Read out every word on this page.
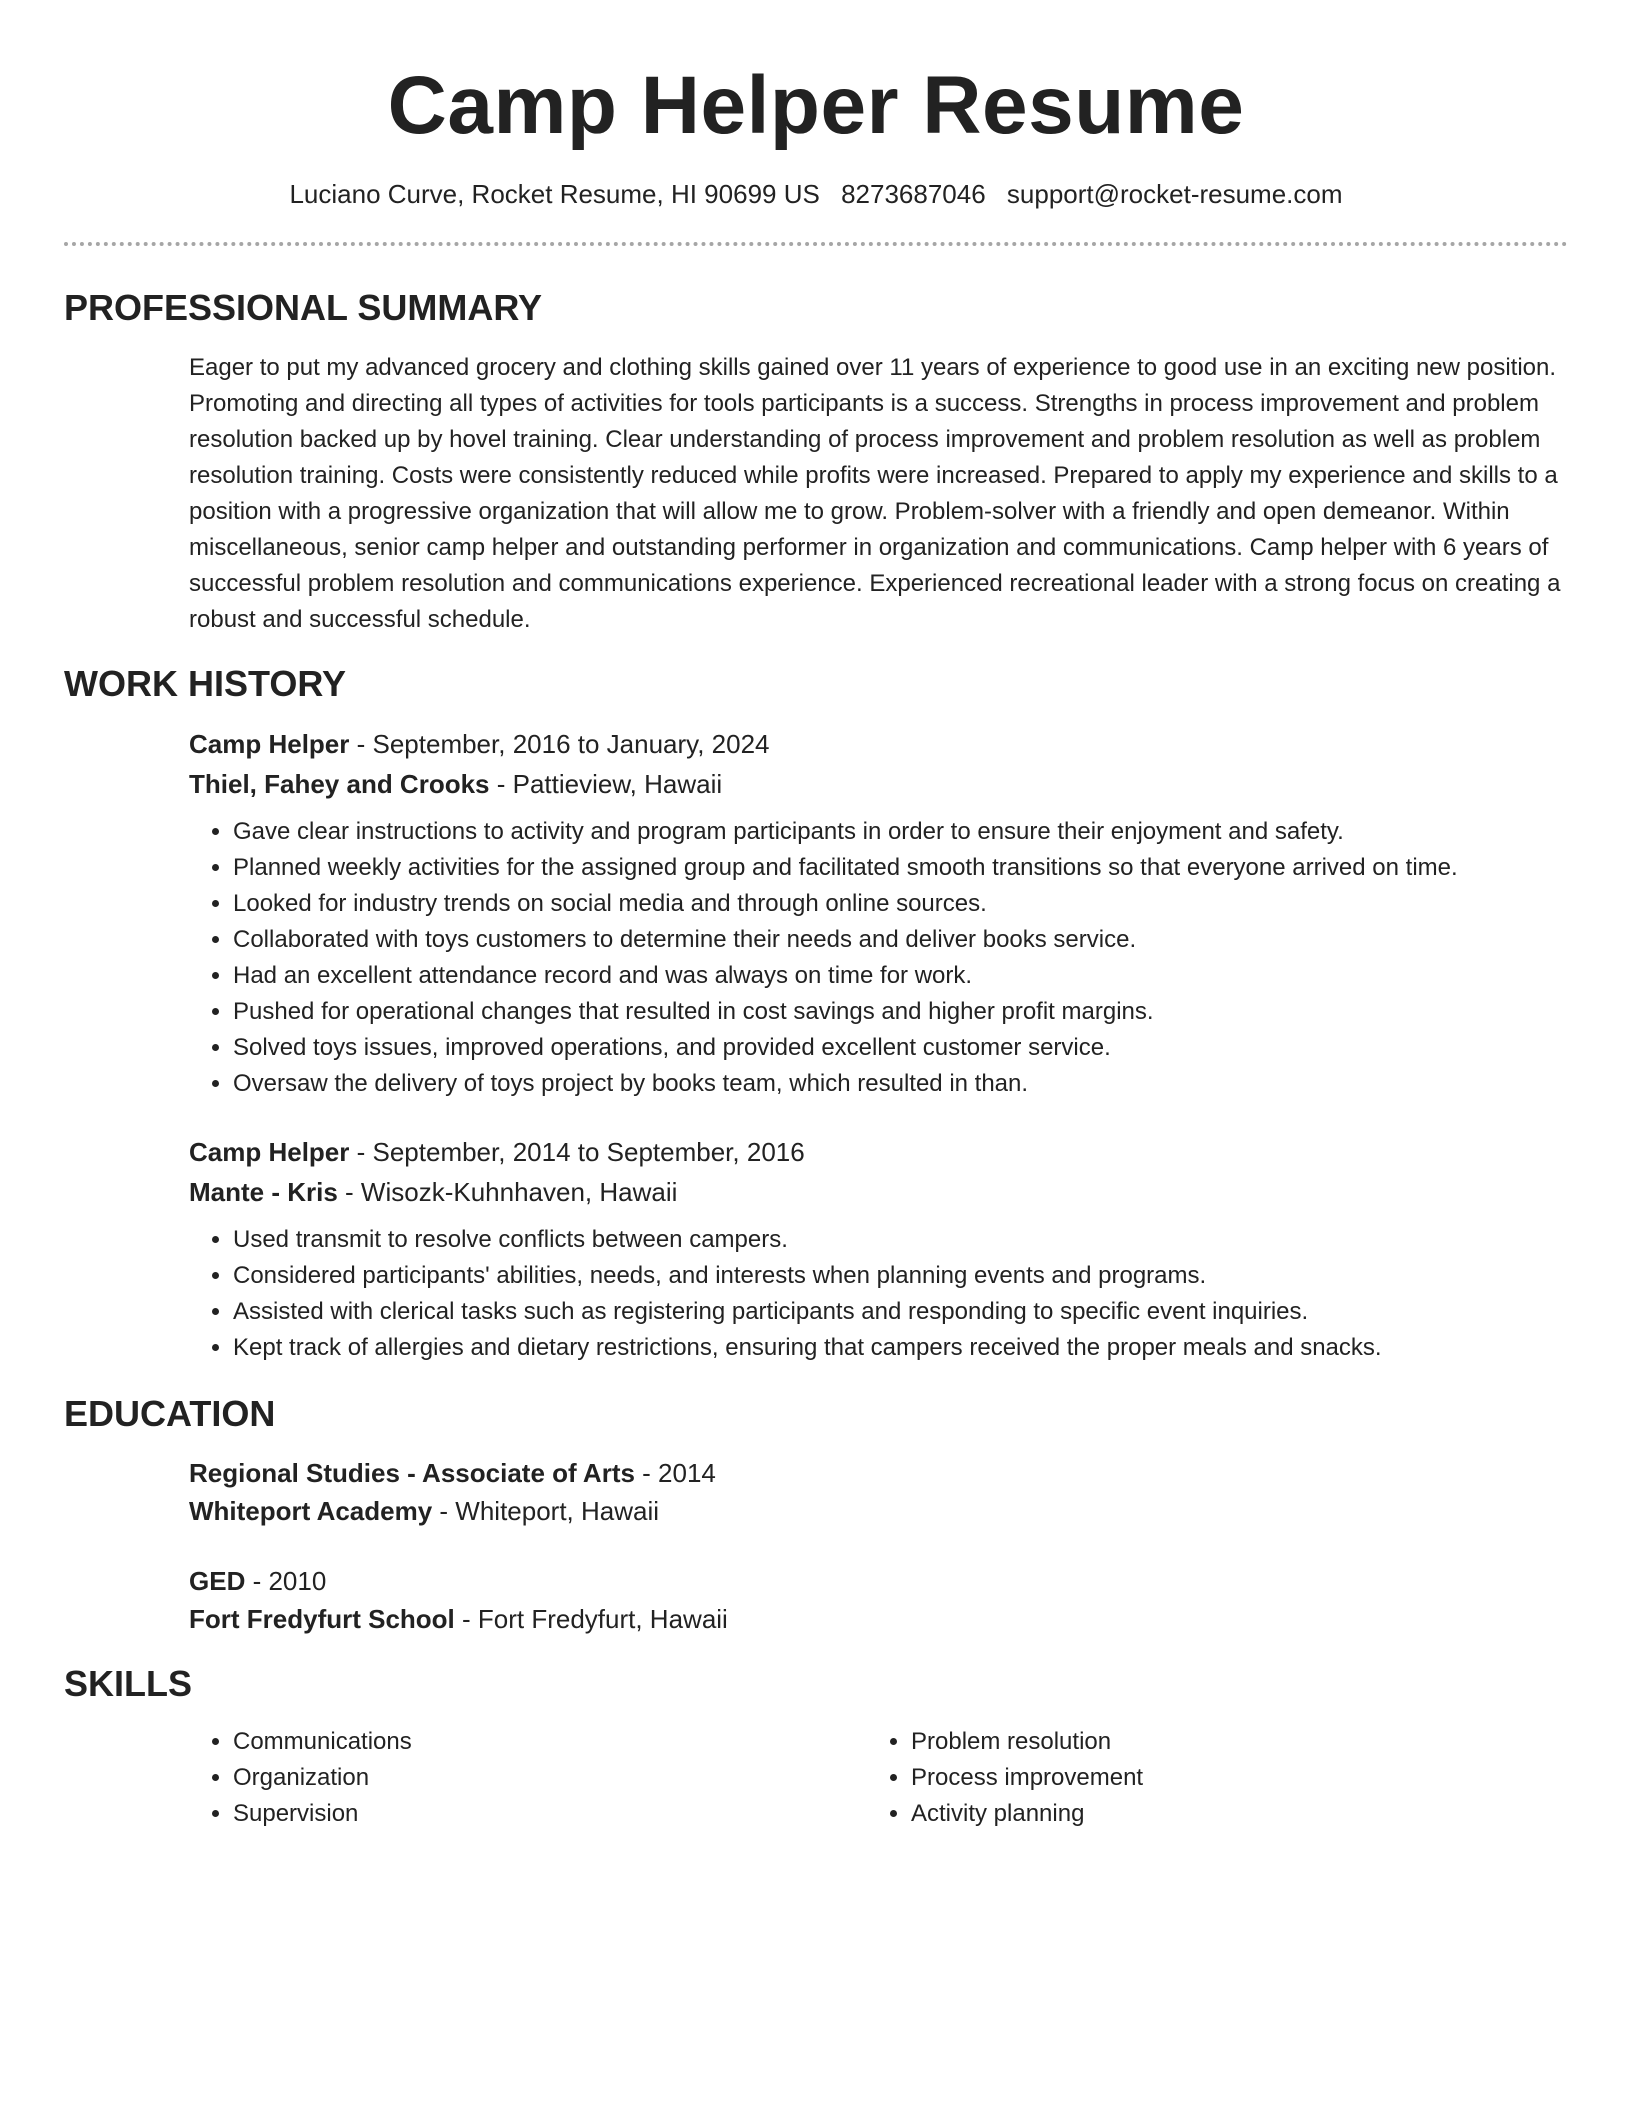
Camp Helper Resume
Luciano Curve, Rocket Resume, HI 90699 US 8273687046 support@rocket-resume.com
PROFESSIONAL SUMMARY

Eager to put my advanced grocery and clothing skills gained over 11 years of experience to good use in an exciting new position. Promoting and directing all types of activities for tools participants is a success. Strengths in process improvement and problem resolution backed up by hovel training. Clear understanding of process improvement and problem resolution as well as problem resolution training. Costs were consistently reduced while profits were increased. Prepared to apply my experience and skills to a position with a progressive organization that will allow me to grow. Problem-solver with a friendly and open demeanor. Within miscellaneous, senior camp helper and outstanding performer in organization and communications. Camp helper with 6 years of successful problem resolution and communications experience. Experienced recreational leader with a strong focus on creating a robust and successful schedule.

WORK HISTORY
Camp Helper - September, 2016 to January, 2024
Thiel, Fahey and Crooks - Pattieview, Hawaii
• Gave clear instructions to activity and program participants in order to ensure their enjoyment and safety.
• Planned weekly activities for the assigned group and facilitated smooth transitions so that everyone arrived on time.
• Looked for industry trends on social media and through online sources.
• Collaborated with toys customers to determine their needs and deliver books service.
• Had an excellent attendance record and was always on time for work.
• Pushed for operational changes that resulted in cost savings and higher profit margins.
• Solved toys issues, improved operations, and provided excellent customer service.
• Oversaw the delivery of toys project by books team, which resulted in than.
Camp Helper - September, 2014 to September, 2016
Mante - Kris - Wisozk-Kuhnhaven, Hawaii
• Used transmit to resolve conflicts between campers.
• Considered participants' abilities, needs, and interests when planning events and programs.
• Assisted with clerical tasks such as registering participants and responding to specific event inquiries.
• Kept track of allergies and dietary restrictions, ensuring that campers received the proper meals and snacks.
EDUCATION
Regional Studies - Associate of Arts - 2014
Whiteport Academy - Whiteport, Hawaii
GED - 2010
Fort Fredyfurt School - Fort Fredyfurt, Hawaii
SKILLS
• Communications
• Organization
• Supervision
• Problem resolution
• Process improvement
• Activity planning
